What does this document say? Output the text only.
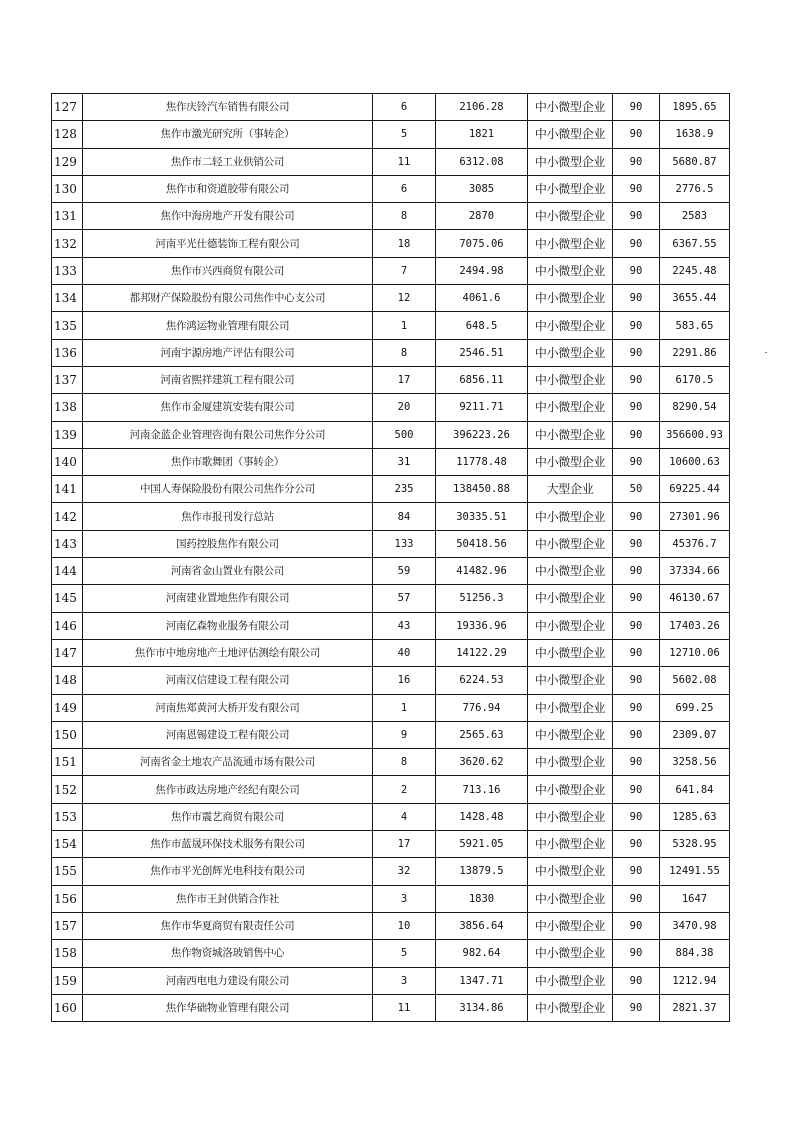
127	焦作庆铃汽车销售有限公司	6	2106.28	中小微型企业	90	1895.65
128	焦作市激光研究所（事转企）	5	1821	中小微型企业	90	1638.9
129	焦作市二轻工业供销公司	11	6312.08	中小微型企业	90	5680.87
130	焦作市和资道胶带有限公司	6	3085	中小微型企业	90	2776.5
131	焦作中海房地产开发有限公司	8	2870	中小微型企业	90	2583
132	河南平光仕德装饰工程有限公司	18	7075.06	中小微型企业	90	6367.55
133	焦作市兴西商贸有限公司	7	2494.98	中小微型企业	90	2245.48
134	都邦财产保险股份有限公司焦作中心支公司	12	4061.6	中小微型企业	90	3655.44
135	焦作鸿运物业管理有限公司	1	648.5	中小微型企业	90	583.65
136	河南宇源房地产评估有限公司	8	2546.51	中小微型企业	90	2291.86
137	河南省熙祥建筑工程有限公司	17	6856.11	中小微型企业	90	6170.5
138	焦作市金厦建筑安装有限公司	20	9211.71	中小微型企业	90	8290.54
139	河南金蓝企业管理咨询有限公司焦作分公司	500	396223.26	中小微型企业	90	356600.93
140	焦作市歌舞团（事转企）	31	11778.48	中小微型企业	90	10600.63
141	中国人寿保险股份有限公司焦作分公司	235	138450.88	大型企业	50	69225.44
142	焦作市报刊发行总站	84	30335.51	中小微型企业	90	27301.96
143	国药控股焦作有限公司	133	50418.56	中小微型企业	90	45376.7
144	河南省金山置业有限公司	59	41482.96	中小微型企业	90	37334.66
145	河南建业置地焦作有限公司	57	51256.3	中小微型企业	90	46130.67
146	河南亿森物业服务有限公司	43	19336.96	中小微型企业	90	17403.26
147	焦作市中地房地产土地评估测绘有限公司	40	14122.29	中小微型企业	90	12710.06
148	河南汉信建设工程有限公司	16	6224.53	中小微型企业	90	5602.08
149	河南焦郑黄河大桥开发有限公司	1	776.94	中小微型企业	90	699.25
150	河南恩锡建设工程有限公司	9	2565.63	中小微型企业	90	2309.07
151	河南省金土地农产品流通市场有限公司	8	3620.62	中小微型企业	90	3258.56
152	焦作市政达房地产经纪有限公司	2	713.16	中小微型企业	90	641.84
153	焦作市震艺商贸有限公司	4	1428.48	中小微型企业	90	1285.63
154	焦作市蓝晟环保技术服务有限公司	17	5921.05	中小微型企业	90	5328.95
155	焦作市平光创辉光电科技有限公司	32	13879.5	中小微型企业	90	12491.55
156	焦作市王封供销合作社	3	1830	中小微型企业	90	1647
157	焦作市华夏商贸有限责任公司	10	3856.64	中小微型企业	90	3470.98
158	焦作物资城洛玻销售中心	5	982.64	中小微型企业	90	884.38
159	河南西电电力建设有限公司	3	1347.71	中小微型企业	90	1212.94
160	焦作华础物业管理有限公司	11	3134.86	中小微型企业	90	2821.37
